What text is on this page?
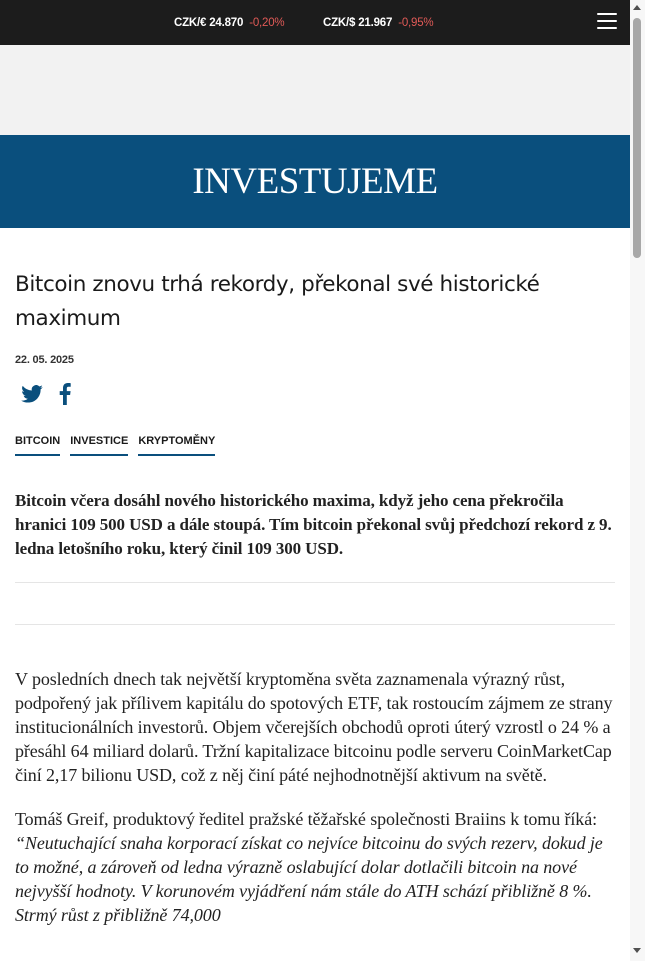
CZK/€ 24.870 -0,20%	CZK/$ 21.967 -0,95%
INVESTUJEME
Bitcoin znovu trhá rekordy, překonal své historické maximum
22. 05. 2025
BITCOIN INVESTICE KRYPTOMĚNY

Bitcoin včera dosáhl nového historického maxima, když jeho cena překročila hranici 109 500 USD a dále stoupá. Tím bitcoin překonal svůj předchozí rekord z 9. ledna letošního roku, který činil 109 300 USD.

V posledních dnech tak největší kryptoměna světa zaznamenala výrazný růst, podpořený jak přílivem kapitálu do spotových ETF, tak rostoucím zájmem ze strany institucionálních investorů. Objem včerejších obchodů oproti úterý vzrostl o 24 % a přesáhl 64 miliard dolarů. Tržní kapitalizace bitcoinu podle serveru CoinMarketCap činí 2,17 bilionu USD, což z něj činí páté nejhodnotnější aktivum na světě.

Tomáš Greif, produktový ředitel pražské těžařské společnosti Braiins k tomu říká: “Neutuchající snaha korporací získat co nejvíce bitcoinu do svých rezerv, dokud je to možné, a zároveň od ledna výrazně oslabující dolar dotlačili bitcoin na nové nejvyšší hodnoty. V korunovém vyjádření nám stále do ATH schází přibližně 8 %. Strmý růst z přibližně 74,000
